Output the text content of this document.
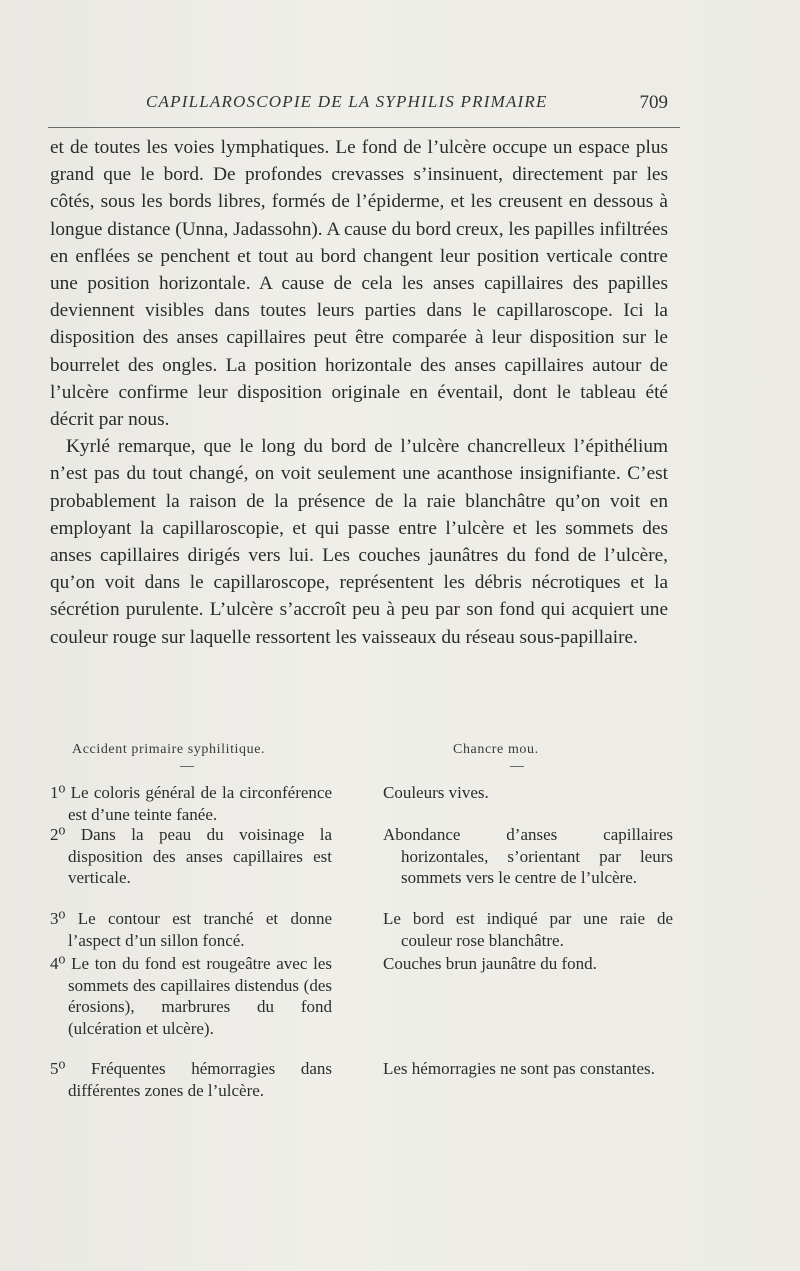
CAPILLAROSCOPIE DE LA SYPHILIS PRIMAIRE	709

et de toutes les voies lymphatiques. Le fond de l’ulcère occupe un espace plus grand que le bord. De profondes crevasses s’insinuent, directement par les côtés, sous les bords libres, formés de l’épiderme, et les creusent en dessous à longue distance (Unna, Jadassohn). A cause du bord creux, les papilles infiltrées en enflées se penchent et tout au bord changent leur position verticale contre une position horizontale. A cause de cela les anses capillaires des papilles deviennent visibles dans toutes leurs parties dans le capillaroscope. Ici la disposition des anses capillaires peut être comparée à leur disposition sur le bourrelet des ongles. La position horizontale des anses capillaires autour de l’ulcère confirme leur disposition originale en éventail, dont le tableau été décrit par nous.

Kyrlé remarque, que le long du bord de l’ulcère chancrelleux l’épithélium n’est pas du tout changé, on voit seulement une acanthose insignifiante. C’est probablement la raison de la présence de la raie blanchâtre qu’on voit en employant la capillaroscopie, et qui passe entre l’ulcère et les sommets des anses capillaires dirigés vers lui. Les couches jaunâtres du fond de l’ulcère, qu’on voit dans le capillaroscope, représentent les débris nécrotiques et la sécrétion purulente. L’ulcère s’accroît peu à peu par son fond qui acquiert une couleur rouge sur laquelle ressortent les vaisseaux du réseau sous-papillaire.

Accident primaire syphilitique.	Chancre mou.
1⁰ Le coloris général de la circonférence est d’une teinte fanée.
Couleurs vives.
2⁰ Dans la peau du voisinage la disposition des anses capillaires est verticale.
Abondance d’anses capillaires horizontales, s’orientant par leurs sommets vers le centre de l’ulcère.
3⁰ Le contour est tranché et donne l’aspect d’un sillon foncé.
Le bord est indiqué par une raie de couleur rose blanchâtre.
4⁰ Le ton du fond est rougeâtre avec les sommets des capillaires distendus (des érosions), marbrures du fond (ulcération et ulcère).
Couches brun jaunâtre du fond.
5⁰ Fréquentes hémorragies dans différentes zones de l’ulcère.
Les hémorragies ne sont pas constantes.
